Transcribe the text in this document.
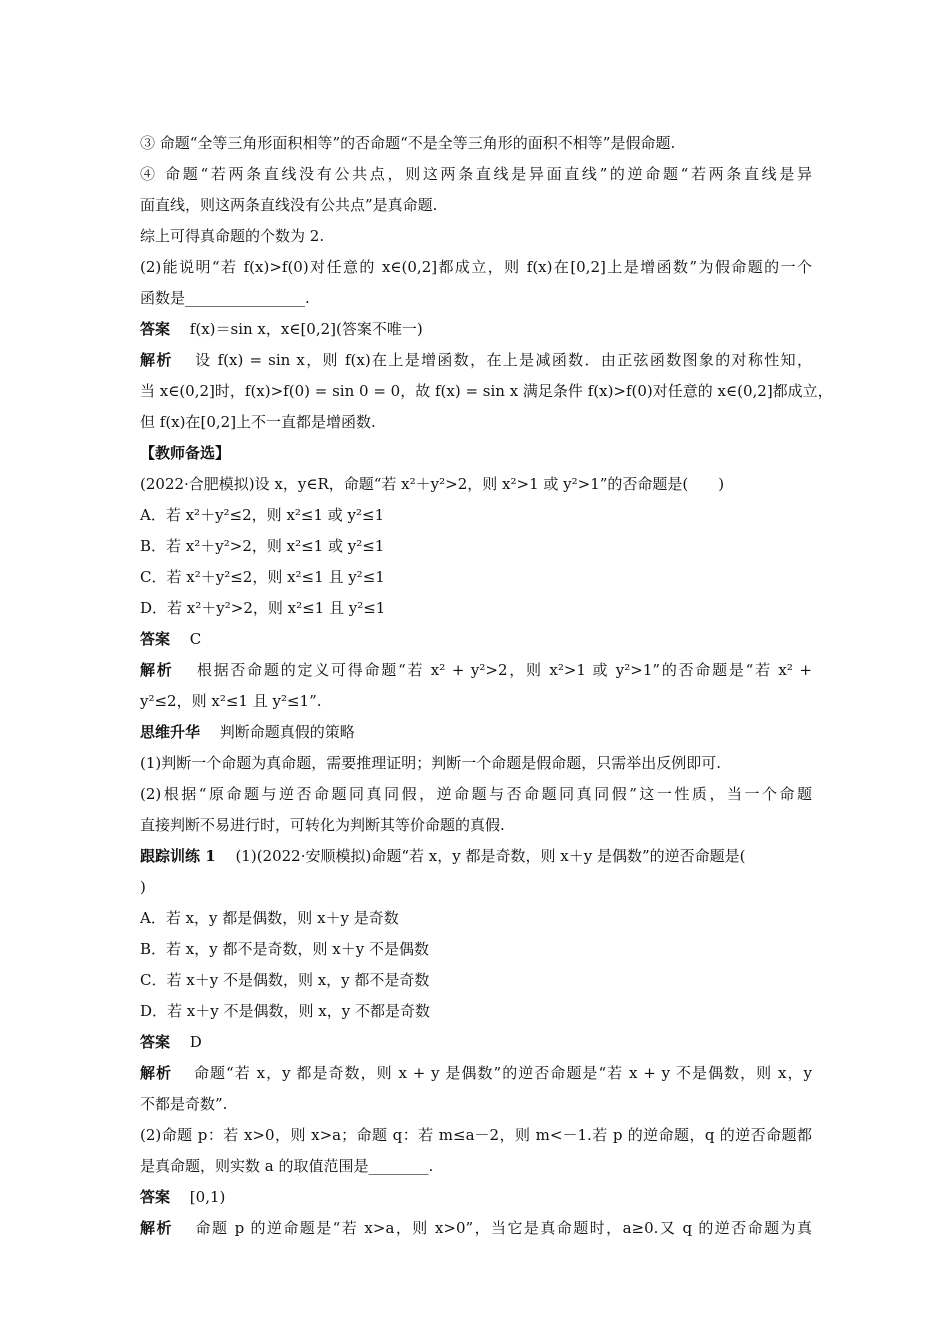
③ 命题“全等三角形面积相等”的否命题“不是全等三角形的面积不相等”是假命题.
④ 命题“若两条直线没有公共点，则这两条直线是异面直线”的逆命题“若两条直线是异
面直线，则这两条直线没有公共点”是真命题.
综上可得真命题的个数为 2.
(2)能说明“若 f(x)>f(0)对任意的 x∈(0,2]都成立，则 f(x)在[0,2]上是增函数”为假命题的一个
函数是________________.
答案　 f(x)＝sin x，x∈[0,2](答案不唯一)
解析　 设 f(x) = sin x，则 f(x)在上是增函数，在上是减函数．由正弦函数图象的对称性知，
当 x∈(0,2]时，f(x)>f(0) = sin 0 = 0，故 f(x) = sin x 满足条件 f(x)>f(0)对任意的 x∈(0,2]都成立，
但 f(x)在[0,2]上不一直都是增函数.
【教师备选】
(2022·合肥模拟)设 x，y∈R，命题“若 x²＋y²>2，则 x²>1 或 y²>1”的否命题是(　　)
A．若 x²＋y²≤2，则 x²≤1 或 y²≤1
B．若 x²＋y²>2，则 x²≤1 或 y²≤1
C．若 x²＋y²≤2，则 x²≤1 且 y²≤1
D．若 x²＋y²>2，则 x²≤1 且 y²≤1
答案　 C
解析　 根据否命题的定义可得命题“若 x² + y²>2，则 x²>1 或 y²>1”的否命题是“若 x² +
y²≤2，则 x²≤1 且 y²≤1”.
思维升华　 判断命题真假的策略
(1)判断一个命题为真命题，需要推理证明；判断一个命题是假命题，只需举出反例即可.
(2)根据“原命题与逆否命题同真同假，逆命题与否命题同真同假”这一性质，当一个命题
直接判断不易进行时，可转化为判断其等价命题的真假.
跟踪训练 1　 (1)(2022·安顺模拟)命题“若 x，y 都是奇数，则 x＋y 是偶数”的逆否命题是(
)
A．若 x，y 都是偶数，则 x＋y 是奇数
B．若 x，y 都不是奇数，则 x＋y 不是偶数
C．若 x＋y 不是偶数，则 x，y 都不是奇数
D．若 x＋y 不是偶数，则 x，y 不都是奇数
答案　 D
解析　 命题“若 x，y 都是奇数，则 x + y 是偶数”的逆否命题是“若 x + y 不是偶数，则 x，y
不都是奇数”.
(2)命题 p：若 x>0，则 x>a；命题 q：若 m≤a－2，则 m<－1.若 p 的逆命题，q 的逆否命题都
是真命题，则实数 a 的取值范围是________.
答案　 [0,1)
解析　 命题 p 的逆命题是“若 x>a，则 x>0”，当它是真命题时，a≥0.又 q 的逆否命题为真
